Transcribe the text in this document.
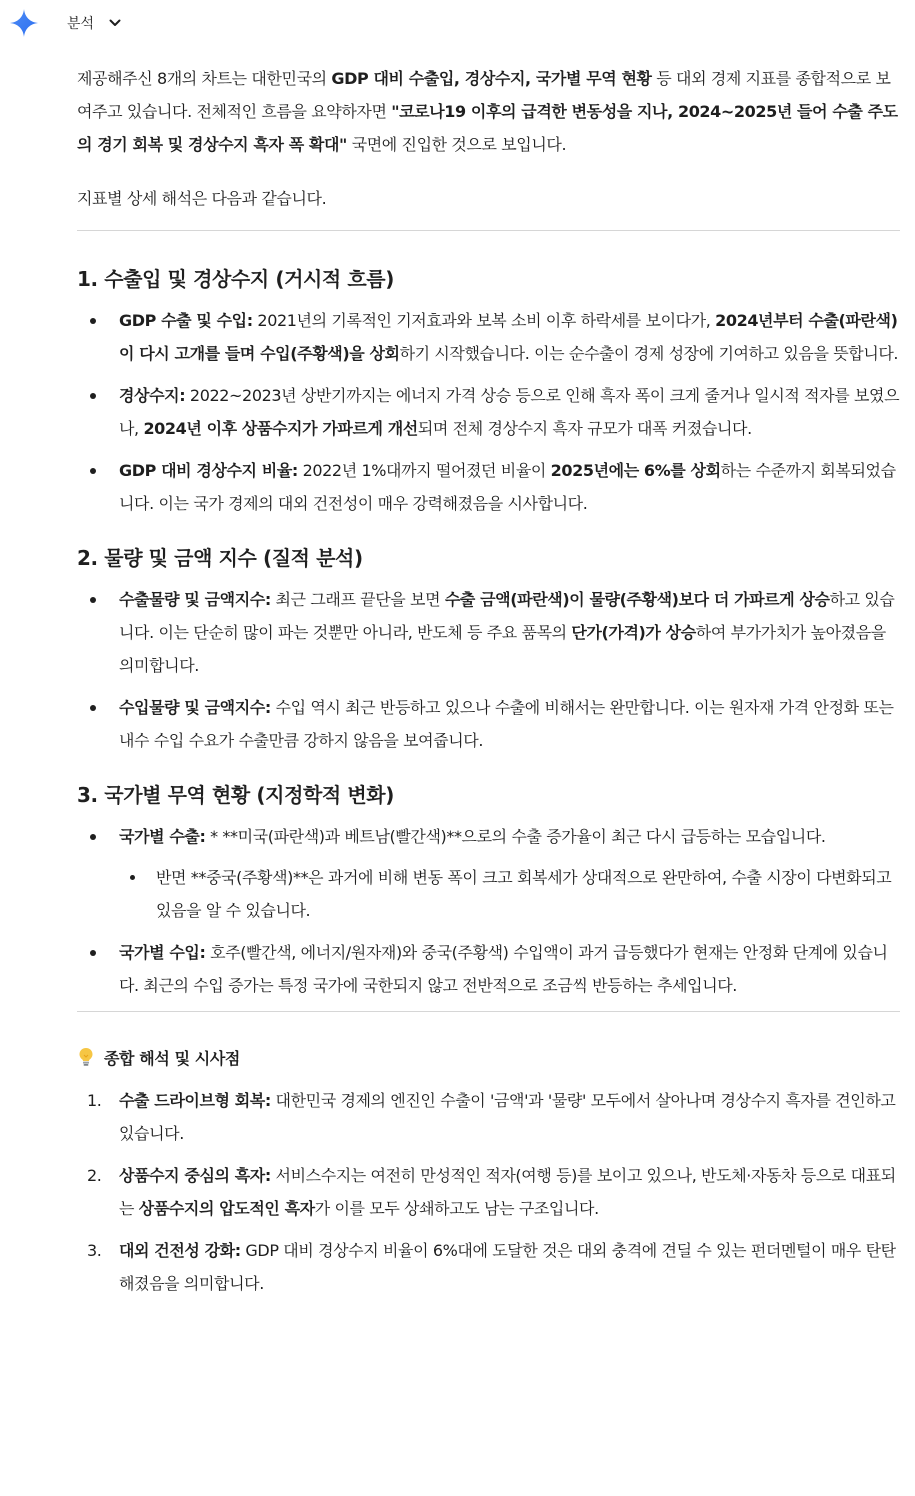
분석

제공해주신 8개의 차트는 대한민국의 GDP 대비 수출입, 경상수지, 국가별 무역 현황 등 대외 경제 지표를 종합적으로 보여주고 있습니다. 전체적인 흐름을 요약하자면 "코로나19 이후의 급격한 변동성을 지나, 2024~2025년 들어 수출 주도의 경기 회복 및 경상수지 흑자 폭 확대" 국면에 진입한 것으로 보입니다.

지표별 상세 해석은 다음과 같습니다.

1. 수출입 및 경상수지 (거시적 흐름)
GDP 수출 및 수입: 2021년의 기록적인 기저효과와 보복 소비 이후 하락세를 보이다가, 2024년부터 수출(파란색)이 다시 고개를 들며 수입(주황색)을 상회하기 시작했습니다. 이는 순수출이 경제 성장에 기여하고 있음을 뜻합니다.
경상수지: 2022~2023년 상반기까지는 에너지 가격 상승 등으로 인해 흑자 폭이 크게 줄거나 일시적 적자를 보였으나, 2024년 이후 상품수지가 가파르게 개선되며 전체 경상수지 흑자 규모가 대폭 커졌습니다.
GDP 대비 경상수지 비율: 2022년 1%대까지 떨어졌던 비율이 2025년에는 6%를 상회하는 수준까지 회복되었습니다. 이는 국가 경제의 대외 건전성이 매우 강력해졌음을 시사합니다.
2. 물량 및 금액 지수 (질적 분석)
수출물량 및 금액지수: 최근 그래프 끝단을 보면 수출 금액(파란색)이 물량(주황색)보다 더 가파르게 상승하고 있습니다. 이는 단순히 많이 파는 것뿐만 아니라, 반도체 등 주요 품목의 단가(가격)가 상승하여 부가가치가 높아졌음을 의미합니다.
수입물량 및 금액지수: 수입 역시 최근 반등하고 있으나 수출에 비해서는 완만합니다. 이는 원자재 가격 안정화 또는 내수 수입 수요가 수출만큼 강하지 않음을 보여줍니다.
3. 국가별 무역 현황 (지정학적 변화)
국가별 수출: * **미국(파란색)과 베트남(빨간색)**으로의 수출 증가율이 최근 다시 급등하는 모습입니다.
반면 **중국(주황색)**은 과거에 비해 변동 폭이 크고 회복세가 상대적으로 완만하여, 수출 시장이 다변화되고 있음을 알 수 있습니다.
국가별 수입: 호주(빨간색, 에너지/원자재)와 중국(주황색) 수입액이 과거 급등했다가 현재는 안정화 단계에 있습니다. 최근의 수입 증가는 특정 국가에 국한되지 않고 전반적으로 조금씩 반등하는 추세입니다.
종합 해석 및 시사점
1. 수출 드라이브형 회복: 대한민국 경제의 엔진인 수출이 '금액'과 '물량' 모두에서 살아나며 경상수지 흑자를 견인하고 있습니다.
2. 상품수지 중심의 흑자: 서비스수지는 여전히 만성적인 적자(여행 등)를 보이고 있으나, 반도체·자동차 등으로 대표되는 상품수지의 압도적인 흑자가 이를 모두 상쇄하고도 남는 구조입니다.
3. 대외 건전성 강화: GDP 대비 경상수지 비율이 6%대에 도달한 것은 대외 충격에 견딜 수 있는 펀더멘털이 매우 탄탄해졌음을 의미합니다.
